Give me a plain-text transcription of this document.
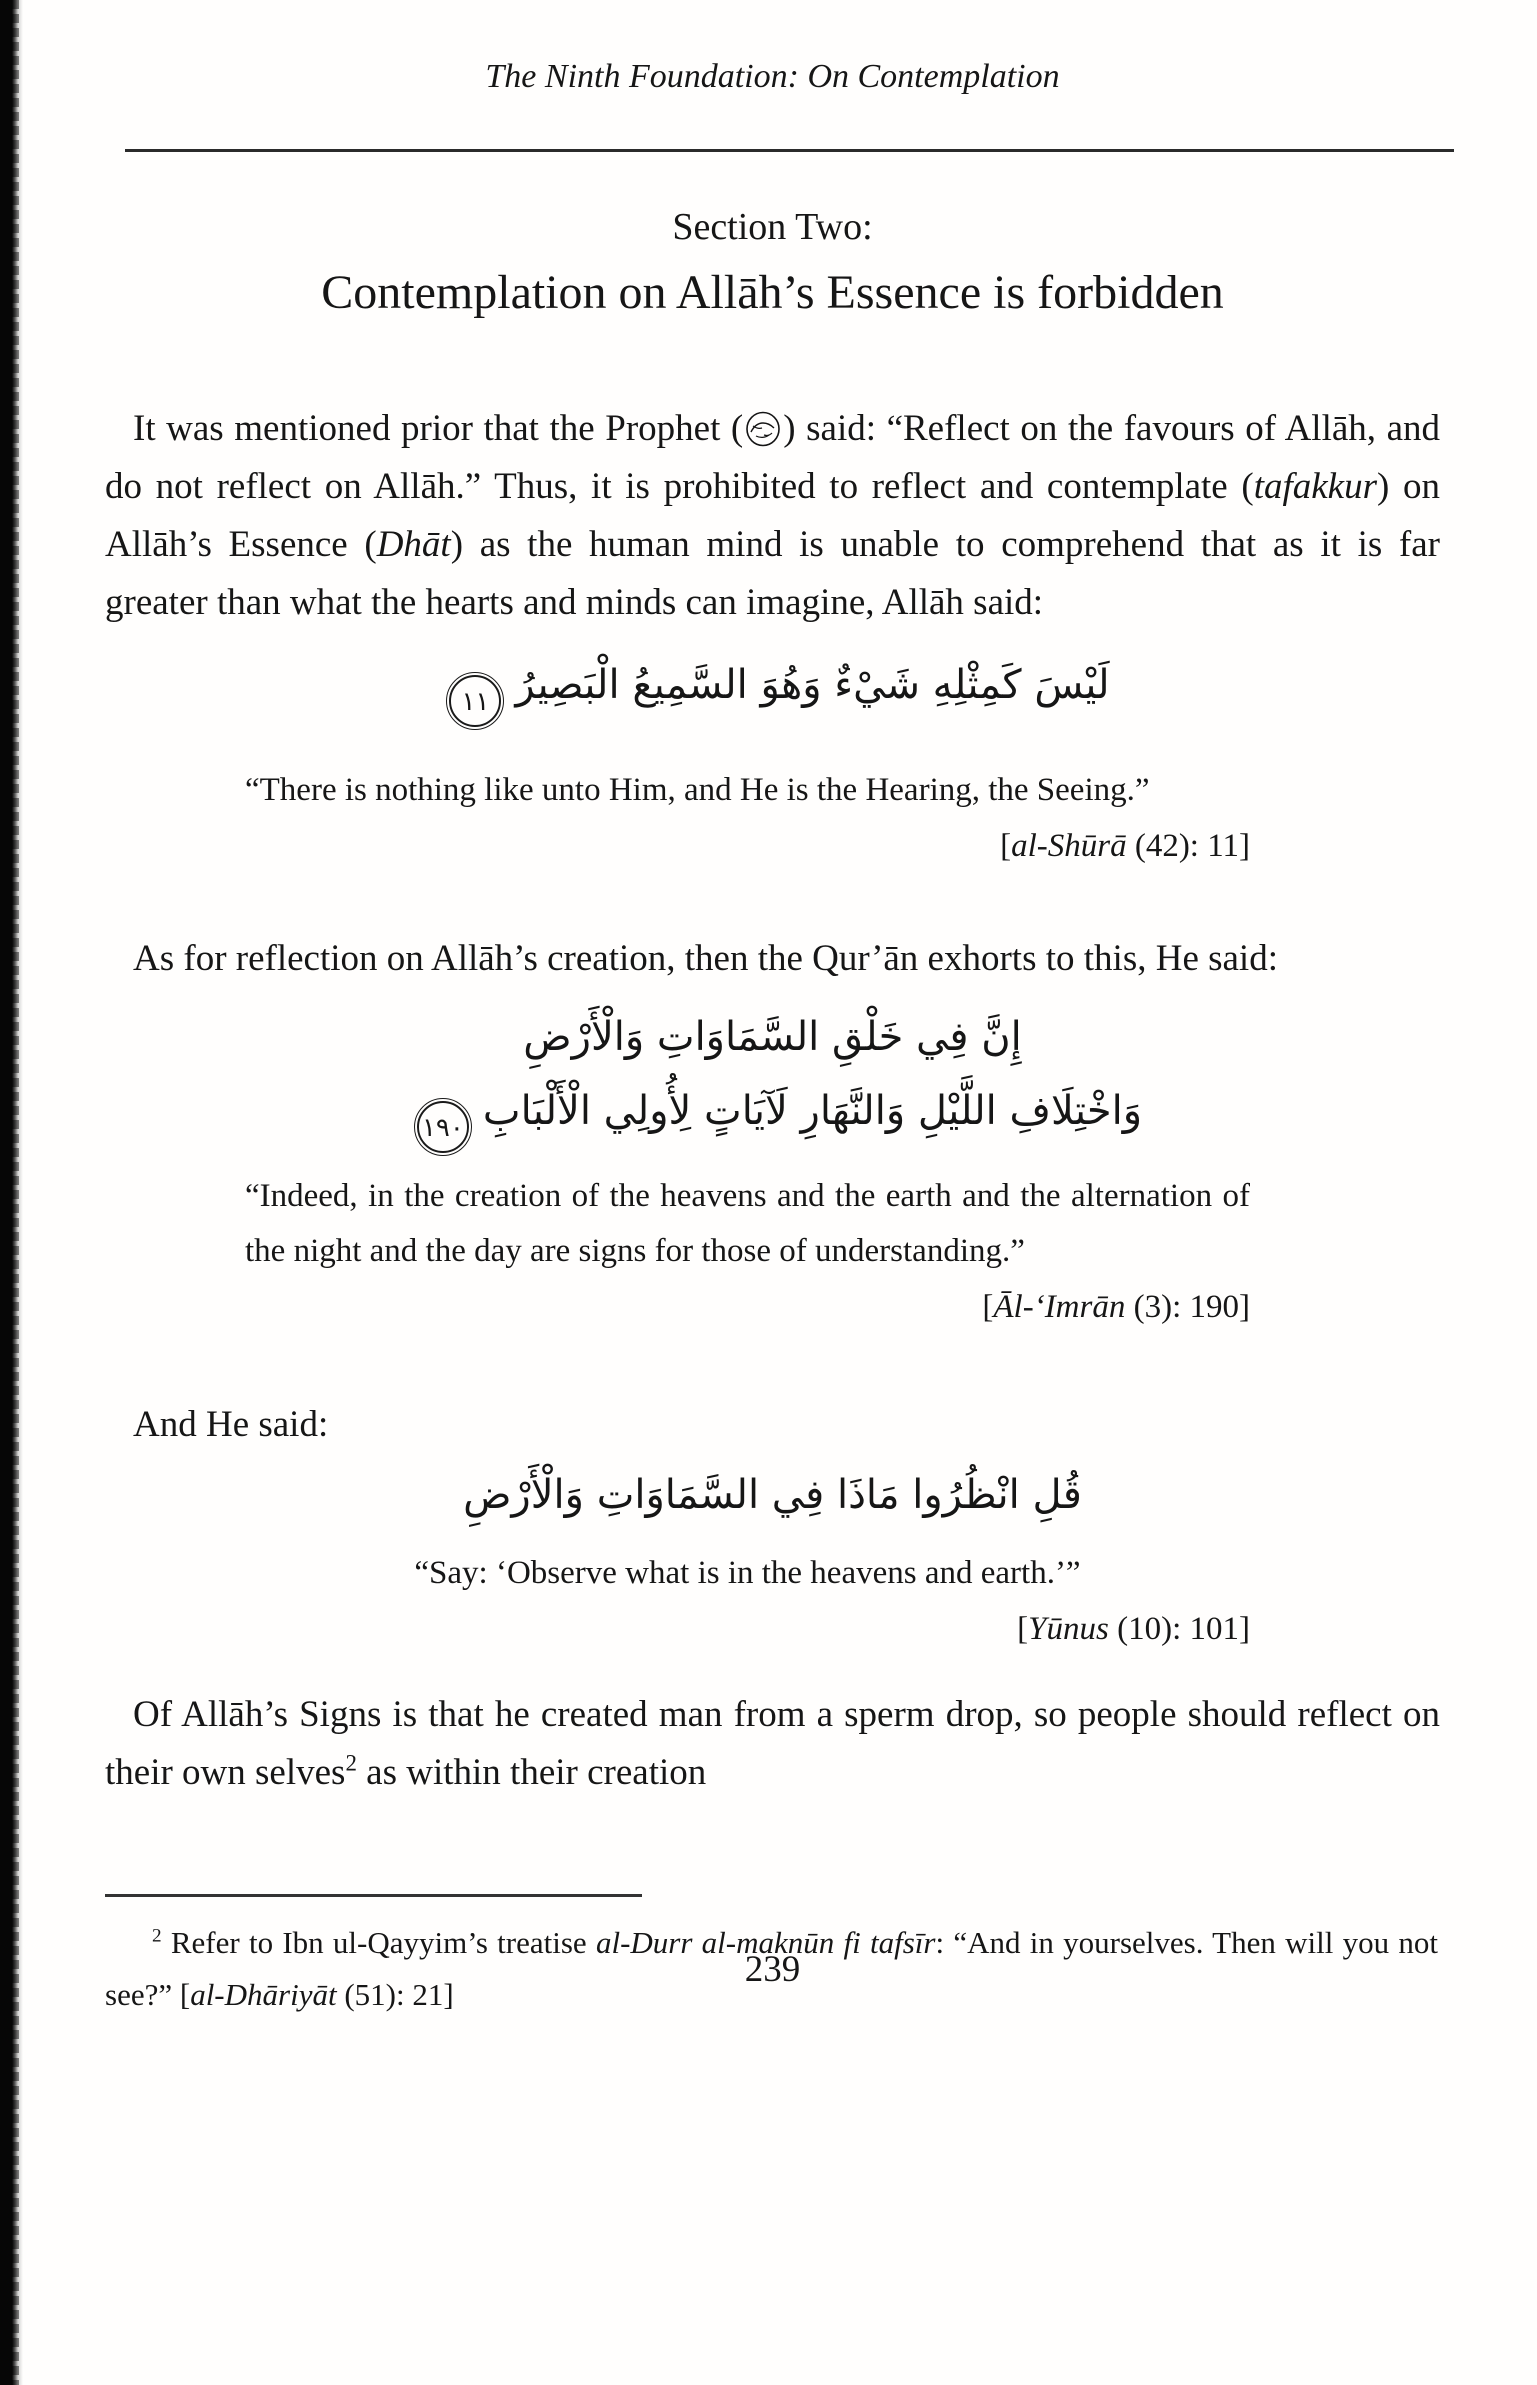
The Ninth Foundation: On Contemplation
Section Two:
Contemplation on Allāh’s Essence is forbidden

It was mentioned prior that the Prophet ( ) said: “Reflect on the favours of Allāh, and do not reflect on Allāh.” Thus, it is prohibited to reflect and contemplate (tafakkur) on Allāh’s Essence (Dhāt) as the human mind is unable to comprehend that as it is far greater than what the hearts and minds can imagine, Allāh said:

لَيْسَ كَمِثْلِهِ شَيْءٌ وَهُوَ السَّمِيعُ الْبَصِيرُ١١

“There is nothing like unto Him, and He is the Hearing, the Seeing.”

[al-Shūrā (42): 11]

As for reflection on Allāh’s creation, then the Qur’ān exhorts to this, He said:

إِنَّ فِي خَلْقِ السَّمَاوَاتِ وَالْأَرْضِ
وَاخْتِلَافِ اللَّيْلِ وَالنَّهَارِ لَآيَاتٍ لِأُولِي الْأَلْبَابِ١٩٠

“Indeed, in the creation of the heavens and the earth and the alternation of the night and the day are signs for those of understanding.”

[Āl-‘Imrān (3): 190]

And He said:

قُلِ انْظُرُوا مَاذَا فِي السَّمَاوَاتِ وَالْأَرْضِ

“Say: ‘Observe what is in the heavens and earth.’”

[Yūnus (10): 101]

Of Allāh’s Signs is that he created man from a sperm drop, so people should reflect on their own selves$^2$ as within their creation

$^2$ Refer to Ibn ul-Qayyim’s treatise al-Durr al-maknūn fi tafsīr: “And in yourselves. Then will you not see?” [al-Dhāriyāt (51): 21]

239
